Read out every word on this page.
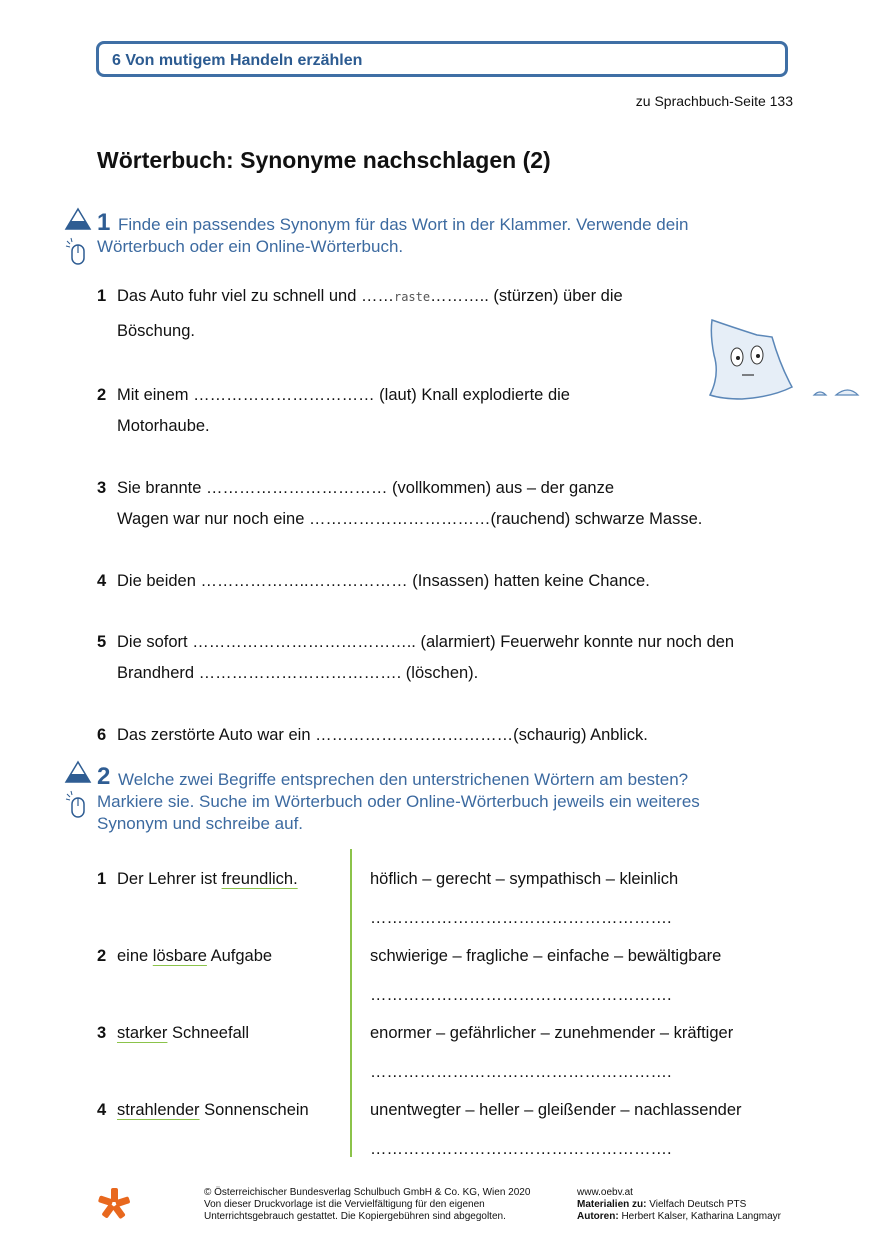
6 Von mutigem Handeln erzählen
zu Sprachbuch-Seite 133
Wörterbuch: Synonyme nachschlagen (2)
1 Finde ein passendes Synonym für das Wort in der Klammer. Verwende dein
Wörterbuch oder ein Online-Wörterbuch.
1 Das Auto fuhr viel zu schnell und ……raste……….. (stürzen) über die
Böschung.
2 Mit einem …………………………… (laut) Knall explodierte die
Motorhaube.
3 Sie brannte …………………………… (vollkommen) aus – der ganze
Wagen war nur noch eine ……………………………(rauchend) schwarze Masse.
4 Die beiden ………………..……………… (Insassen) hatten keine Chance.
5 Die sofort ………………………………….. (alarmiert) Feuerwehr konnte nur noch den
Brandherd ………………………………. (löschen).
6 Das zerstörte Auto war ein ………………………………(schaurig) Anblick.
2 Welche zwei Begriffe entsprechen den unterstrichenen Wörtern am besten?
Markiere sie. Suche im Wörterbuch oder Online-Wörterbuch jeweils ein weiteres
Synonym und schreibe auf.
1 Der Lehrer ist freundlich.	höflich – gerecht – sympathisch – kleinlich
……………………………………………….
2 eine lösbare Aufgabe	schwierige – fragliche – einfache – bewältigbare
……………………………………………….
3 starker Schneefall	enormer – gefährlicher – zunehmender – kräftiger
……………………………………………….
4 strahlender Sonnenschein	unentwegter – heller – gleißender – nachlassender
……………………………………………….
© Österreichischer Bundesverlag Schulbuch GmbH & Co. KG, Wien 2020
Von dieser Druckvorlage ist die Vervielfältigung für den eigenen
Unterrichtsgebrauch gestattet. Die Kopiergebühren sind abgegolten.
www.oebv.at
Materialien zu: Vielfach Deutsch PTS
Autoren: Herbert Kalser, Katharina Langmayr
